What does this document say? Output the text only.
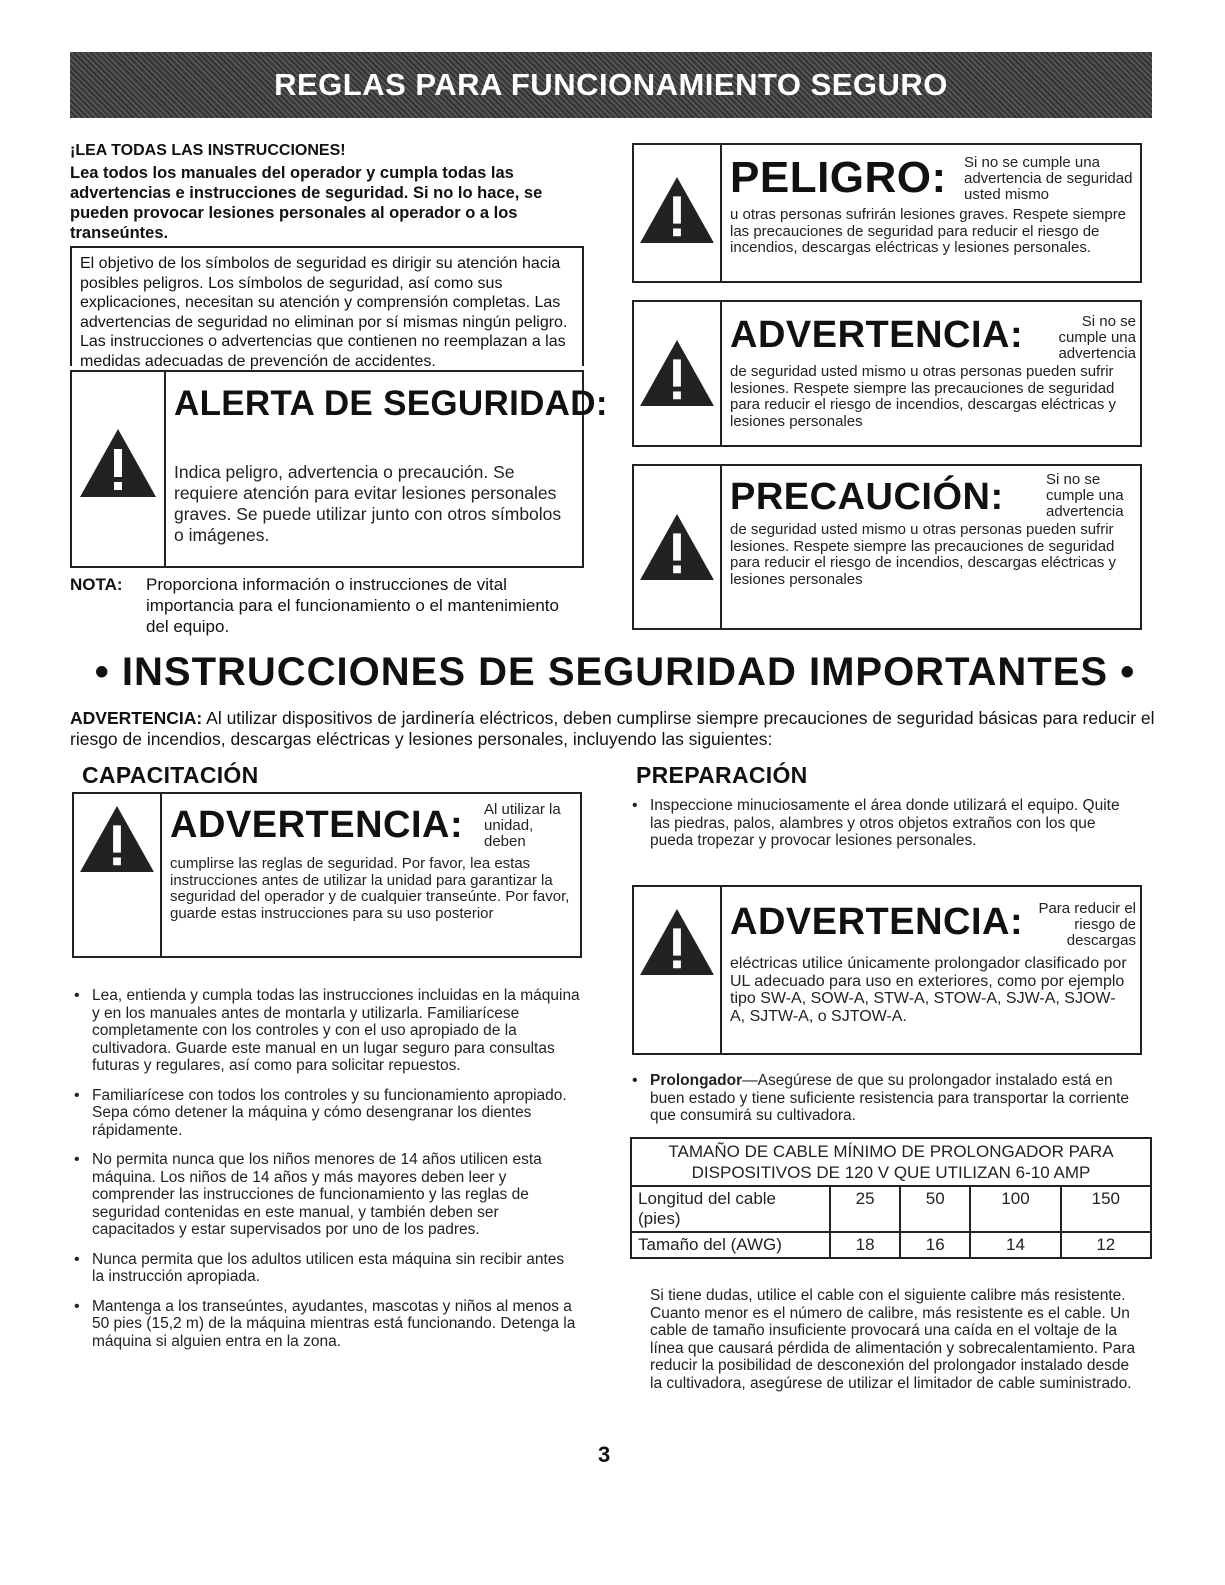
REGLAS PARA FUNCIONAMIENTO SEGURO
¡LEA TODAS LAS INSTRUCCIONES!
Lea todos los manuales del operador y cumpla todas las advertencias e instrucciones de seguridad. Si no lo hace, se pueden provocar lesiones personales al operador o a los transeúntes.
El objetivo de los símbolos de seguridad es dirigir su atención hacia posibles peligros. Los símbolos de seguridad, así como sus explicaciones, necesitan su atención y comprensión completas. Las advertencias de seguridad no eliminan por sí mismas ningún peligro. Las instrucciones o advertencias que contienen no reemplazan a las medidas adecuadas de prevención de accidentes.
ALERTA DE SEGURIDAD:
Indica peligro, advertencia o precaución. Se requiere atención para evitar lesiones personales graves. Se puede utilizar junto con otros símbolos o imágenes.
NOTA: Proporciona información o instrucciones de vital importancia para el funcionamiento o el mantenimiento del equipo.
PELIGRO: Si no se cumple una advertencia de seguridad usted mismo
u otras personas sufrirán lesiones graves. Respete siempre las precauciones de seguridad para reducir el riesgo de incendios, descargas eléctricas y lesiones personales.
ADVERTENCIA:	Si no se cumple una advertencia
de seguridad usted mismo u otras personas pueden sufrir lesiones. Respete siempre las precauciones de seguridad para reducir el riesgo de incendios, descargas eléctricas y lesiones personales
PRECAUCIÓN:	Si no se cumple una advertencia
de seguridad usted mismo u otras personas pueden sufrir lesiones. Respete siempre las precauciones de seguridad para reducir el riesgo de incendios, descargas eléctricas y lesiones personales
• INSTRUCCIONES DE SEGURIDAD IMPORTANTES •
ADVERTENCIA: Al utilizar dispositivos de jardinería eléctricos, deben cumplirse siempre precauciones de seguridad básicas para reducir el riesgo de incendios, descargas eléctricas y lesiones personales, incluyendo las siguientes:
CAPACITACIÓN
ADVERTENCIA: Al utilizar la unidad, deben
cumplirse las reglas de seguridad. Por favor, lea estas instrucciones antes de utilizar la unidad para garantizar la seguridad del operador y de cualquier transeúnte. Por favor, guarde estas instrucciones para su uso posterior
• Lea, entienda y cumpla todas las instrucciones incluidas en la máquina y en los manuales antes de montarla y utilizarla. Familiarícese completamente con los controles y con el uso apropiado de la cultivadora. Guarde este manual en un lugar seguro para consultas futuras y regulares, así como para solicitar repuestos.
• Familiarícese con todos los controles y su funcionamiento apropiado. Sepa cómo detener la máquina y cómo desengranar los dientes rápidamente.
• No permita nunca que los niños menores de 14 años utilicen esta máquina. Los niños de 14 años y más mayores deben leer y comprender las instrucciones de funcionamiento y las reglas de seguridad contenidas en este manual, y también deben ser capacitados y estar supervisados por uno de los padres.
• Nunca permita que los adultos utilicen esta máquina sin recibir antes la instrucción apropiada.
• Mantenga a los transeúntes, ayudantes, mascotas y niños al menos a 50 pies (15,2 m) de la máquina mientras está funcionando. Detenga la máquina si alguien entra en la zona.
PREPARACIÓN
• Inspeccione minuciosamente el área donde utilizará el equipo. Quite las piedras, palos, alambres y otros objetos extraños con los que pueda tropezar y provocar lesiones personales.
ADVERTENCIA: Para reducir el riesgo de descargas
eléctricas utilice únicamente prolongador clasificado por UL adecuado para uso en exteriores, como por ejemplo tipo SW-A, SOW-A, STW-A, STOW-A, SJW-A, SJOW-A, SJTW-A, o SJTOW-A.
• Prolongador—Asegúrese de que su prolongador instalado está en buen estado y tiene suficiente resistencia para transportar la corriente que consumirá su cultivadora.
TAMAÑO DE CABLE MÍNIMO DE PROLONGADOR PARA DISPOSITIVOS DE 120 V QUE UTILIZAN 6-10 AMP				
Longitud del cable (pies)	25	50	100	150
Tamaño del (AWG)	18	16	14	12
Si tiene dudas, utilice el cable con el siguiente calibre más resistente. Cuanto menor es el número de calibre, más resistente es el cable. Un cable de tamaño insuficiente provocará una caída en el voltaje de la línea que causará pérdida de alimentación y sobrecalentamiento. Para reducir la posibilidad de desconexión del prolongador instalado desde la cultivadora, asegúrese de utilizar el limitador de cable suministrado.
3
